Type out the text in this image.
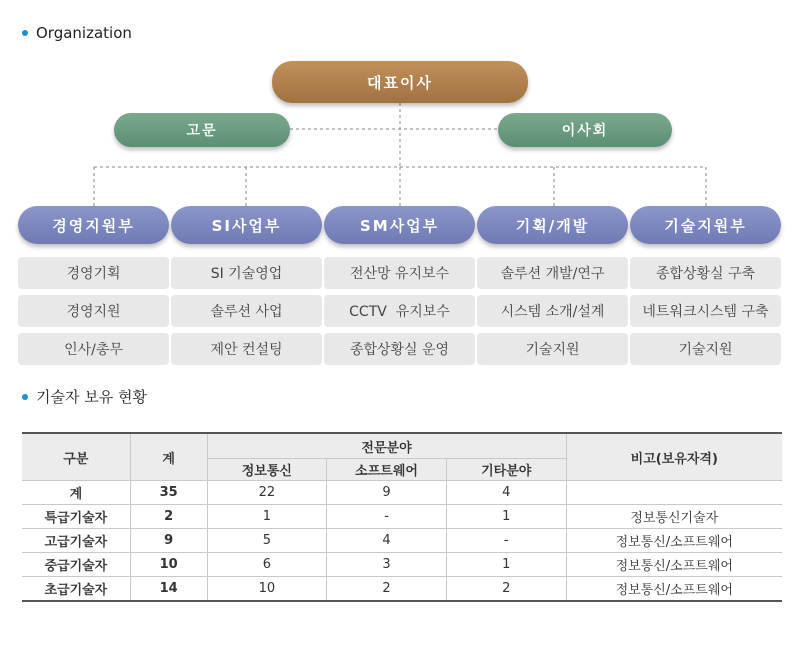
Organization
대표이사
고문	이사회
경영지원부	SI사업부	SM사업부	기획/개발	기술지원부
경영기획
경영지원
인사/총무
SI 기술영업
솔루션 사업
제안 컨설팅
전산망 유지보수
CCTV  유지보수
종합상황실 운영
솔루션 개발/연구
시스템 소개/설계
기술지원
종합상황실 구축
네트워크시스템 구축
기술지원
기술자 보유 현황
구분	계	전문분야			비고(보유자격)
		정보통신	소프트웨어	기타분야	
계	35	22	9	4	
특급기술자	2	1	-	1	정보통신기술자
고급기술자	9	5	4	-	정보통신/소프트웨어
중급기술자	10	6	3	1	정보통신/소프트웨어
초급기술자	14	10	2	2	정보통신/소프트웨어
